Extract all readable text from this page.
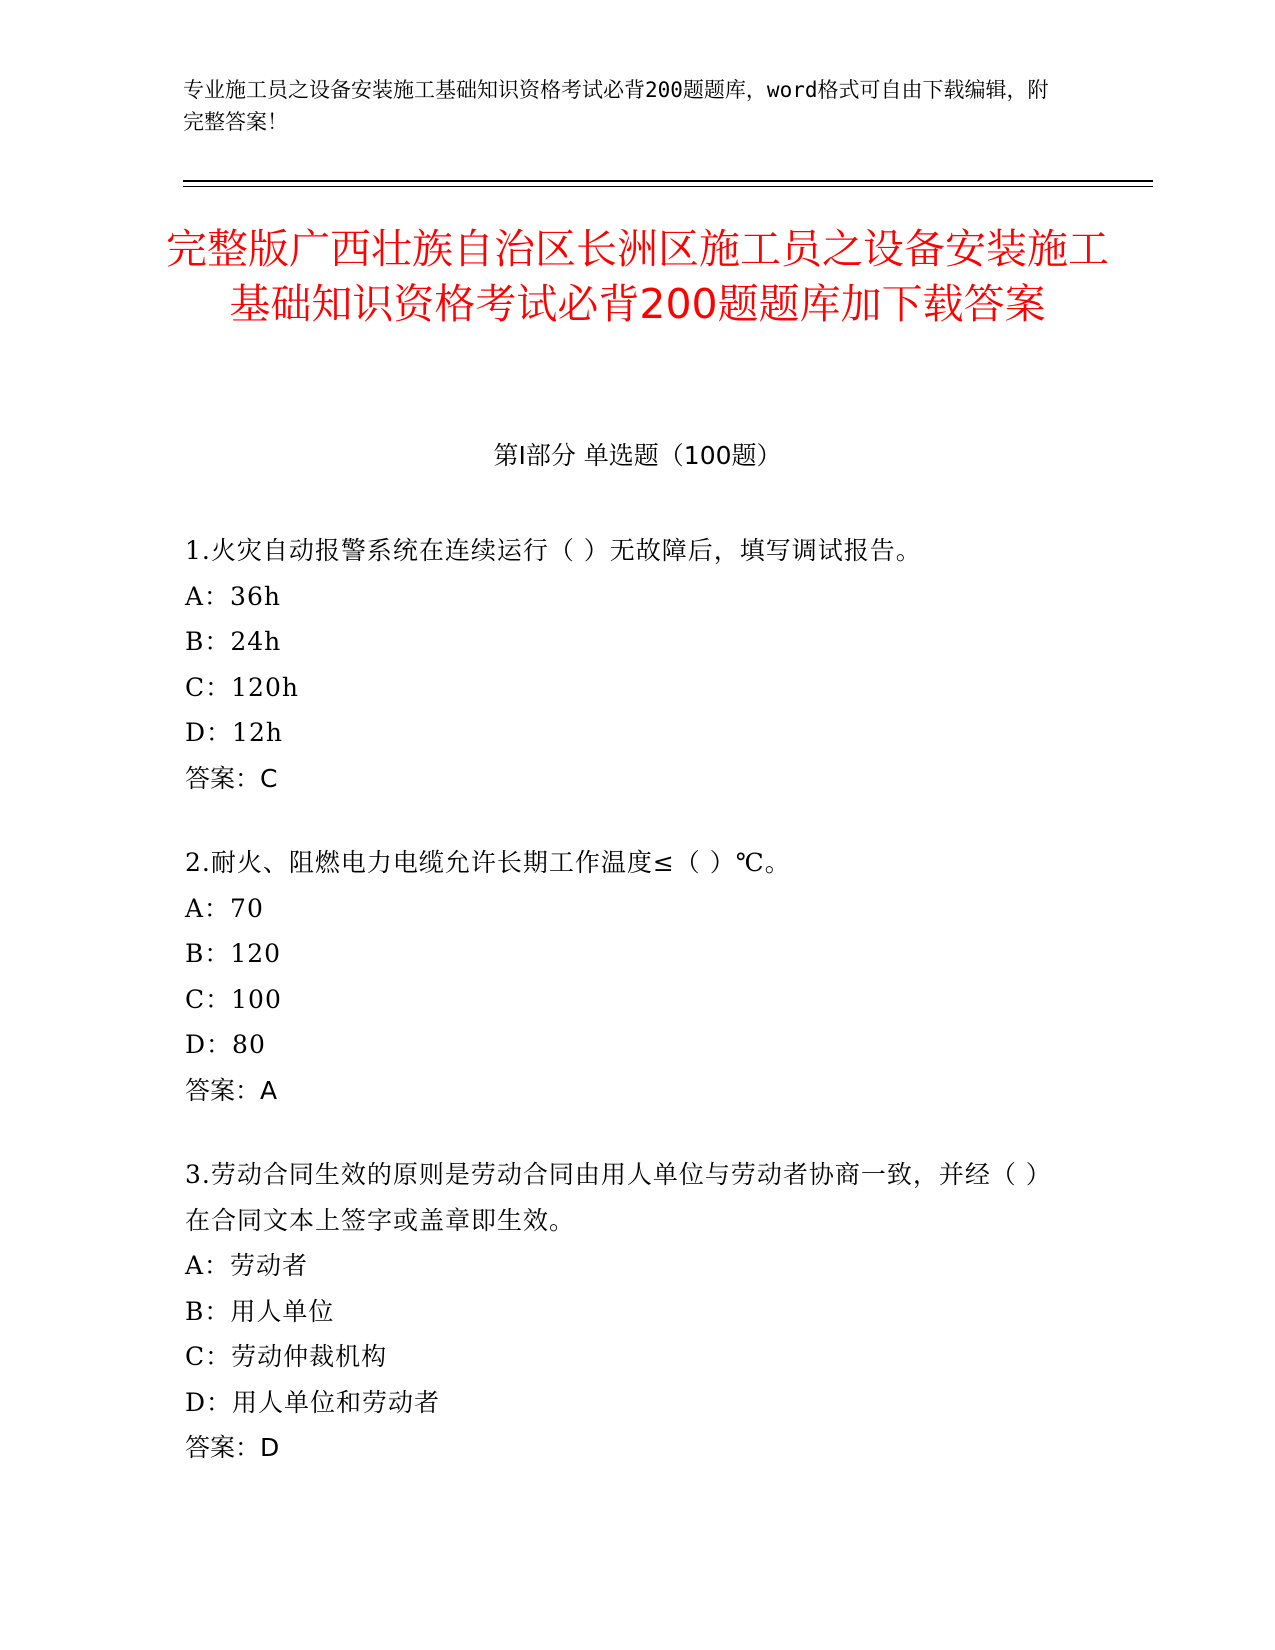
专业施工员之设备安装施工基础知识资格考试必背200题题库，word格式可自由下载编辑，附完整答案！

完整版广西壮族自治区长洲区施工员之设备安装施工基础知识资格考试必背200题题库加下载答案
第Ⅰ部分 单选题（100题）

1.火灾自动报警系统在连续运行（ ）无故障后，填写调试报告。

A：36h

B：24h

C：120h

D：12h

答案：C

2.耐火、阻燃电力电缆允许长期工作温度≤（ ）℃。

A：70

B：120

C：100

D：80

答案：A

3.劳动合同生效的原则是劳动合同由用人单位与劳动者协商一致，并经（ ）在合同文本上签字或盖章即生效。

A：劳动者

B：用人单位

C：劳动仲裁机构

D：用人单位和劳动者

答案：D
